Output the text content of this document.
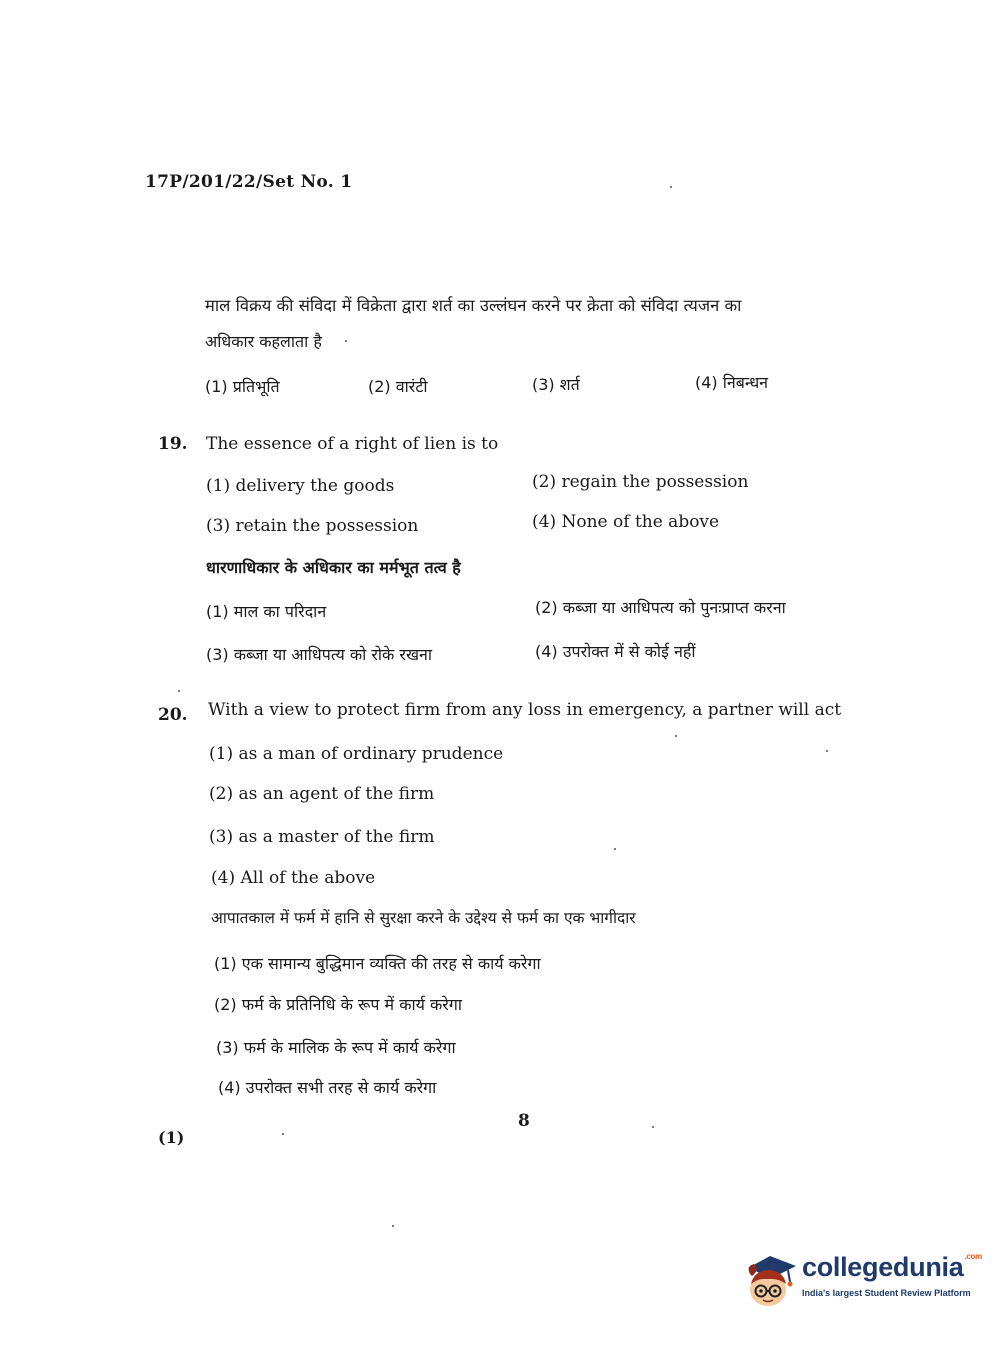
17P/201/22/Set No. 1
माल विक्रय की संविदा में विक्रेता द्वारा शर्त का उल्लंघन करने पर क्रेता को संविदा त्यजन का
अधिकार कहलाता है
(1) प्रतिभूति	(2) वारंटी	(3) शर्त	(4) निबन्धन
19. The essence of a right of lien is to
(1) delivery the goods	(2) regain the possession
(3) retain the possession	(4) None of the above
धारणाधिकार के अधिकार का मर्मभूत तत्व है
(1) माल का परिदान	(2) कब्जा या आधिपत्य को पुनःप्राप्त करना
(3) कब्जा या आधिपत्य को रोके रखना	(4) उपरोक्त में से कोई नहीं
20. With a view to protect firm from any loss in emergency, a partner will act
(1) as a man of ordinary prudence
(2) as an agent of the firm
(3) as a master of the firm
(4) All of the above
आपातकाल में फर्म में हानि से सुरक्षा करने के उद्देश्य से फर्म का एक भागीदार
(1) एक सामान्य बुद्धिमान व्यक्ति की तरह से कार्य करेगा
(2) फर्म के प्रतिनिधि के रूप में कार्य करेगा
(3) फर्म के मालिक के रूप में कार्य करेगा
(4) उपरोक्त सभी तरह से कार्य करेगा
8
(1)
collegedunia$^{.com}$
India's largest Student Review Platform
